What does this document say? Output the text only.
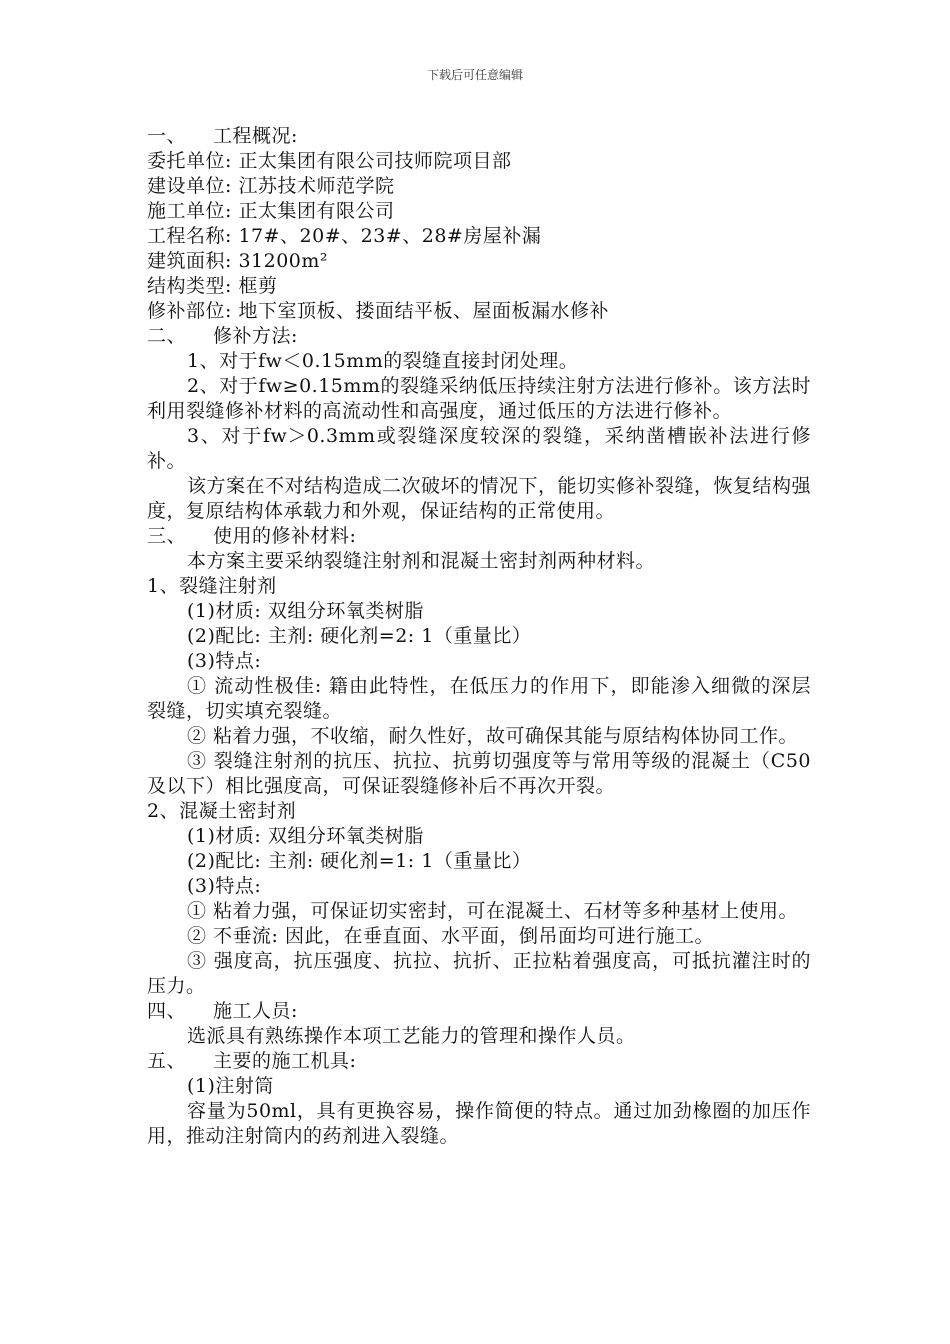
下载后可任意编辑

一、 工程概况:

委托单位: 正太集团有限公司技师院项目部

建设单位: 江苏技术师范学院

施工单位: 正太集团有限公司

工程名称: 17#、20#、23#、28#房屋补漏

建筑面积: 31200m²

结构类型: 框剪

修补部位: 地下室顶板、搂面结平板、屋面板漏水修补

二、 修补方法:

1、对于fw＜0.15mm的裂缝直接封闭处理。

2、对于fw≥0.15mm的裂缝采纳低压持续注射方法进行修补。该方法时利用裂缝修补材料的高流动性和高强度，通过低压的方法进行修补。

3、对于fw＞0.3mm或裂缝深度较深的裂缝，采纳凿槽嵌补法进行修补。

该方案在不对结构造成二次破坏的情况下，能切实修补裂缝，恢复结构强度，复原结构体承载力和外观，保证结构的正常使用。

三、 使用的修补材料:

本方案主要采纳裂缝注射剂和混凝土密封剂两种材料。

1、裂缝注射剂

(1)材质: 双组分环氧类树脂

(2)配比: 主剂: 硬化剂=2: 1（重量比）

(3)特点:

① 流动性极佳: 籍由此特性，在低压力的作用下，即能渗入细微的深层裂缝，切实填充裂缝。

② 粘着力强，不收缩，耐久性好，故可确保其能与原结构体协同工作。

③ 裂缝注射剂的抗压、抗拉、抗剪切强度等与常用等级的混凝土（C50及以下）相比强度高，可保证裂缝修补后不再次开裂。

2、混凝土密封剂

(1)材质: 双组分环氧类树脂

(2)配比: 主剂: 硬化剂=1: 1（重量比）

(3)特点:

① 粘着力强，可保证切实密封，可在混凝土、石材等多种基材上使用。

② 不垂流: 因此，在垂直面、水平面，倒吊面均可进行施工。

③ 强度高，抗压强度、抗拉、抗折、正拉粘着强度高，可抵抗灌注时的压力。

四、 施工人员:

选派具有熟练操作本项工艺能力的管理和操作人员。

五、 主要的施工机具:

(1)注射筒

容量为50ml，具有更换容易，操作简便的特点。通过加劲橡圈的加压作用，推动注射筒内的药剂进入裂缝。
